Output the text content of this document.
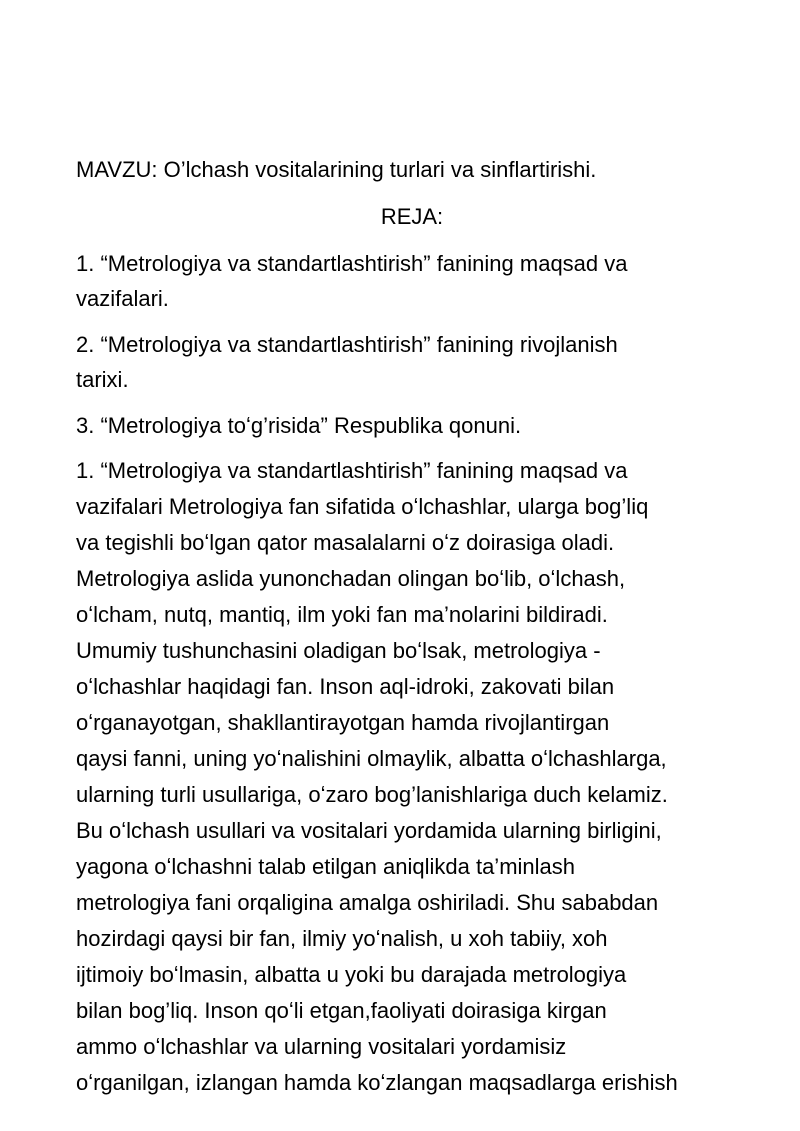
MAVZU: O’lchash vositalarining turlari va sinflartirishi.

REJA:

1. “Metrologiya va standartlashtirish” fanining maqsad va
vazifalari.
2. “Metrologiya va standartlashtirish” fanining rivojlanish
tarixi.
3. “Metrologiya toʻg’risida” Respublika qonuni.
1. “Metrologiya va standartlashtirish” fanining maqsad va
vazifalari Metrologiya fan sifatida oʻlchashlar, ularga bog’liq
va tegishli boʻlgan qator masalalarni oʻz doirasiga oladi.
Metrologiya aslida yunonchadan olingan boʻlib, oʻlchash,
oʻlcham, nutq, mantiq, ilm yoki fan ma’nolarini bildiradi.
Umumiy tushunchasini oladigan boʻlsak, metrologiya -
oʻlchashlar haqidagi fan. Inson aql-idroki, zakovati bilan
oʻrganayotgan, shakllantirayotgan hamda rivojlantirgan
qaysi fanni, uning yoʻnalishini olmaylik, albatta oʻlchashlarga,
ularning turli usullariga, oʻzaro bog’lanishlariga duch kelamiz.
Bu oʻlchash usullari va vositalari yordamida ularning birligini,
yagona oʻlchashni talab etilgan aniqlikda ta’minlash
metrologiya fani orqaligina amalga oshiriladi. Shu sababdan
hozirdagi qaysi bir fan, ilmiy yoʻnalish, u xoh tabiiy, xoh
ijtimoiy boʻlmasin, albatta u yoki bu darajada metrologiya
bilan bog’liq. Inson qoʻli etgan,faoliyati doirasiga kirgan
ammo oʻlchashlar va ularning vositalari yordamisiz
oʻrganilgan, izlangan hamda koʻzlangan maqsadlarga erishish
